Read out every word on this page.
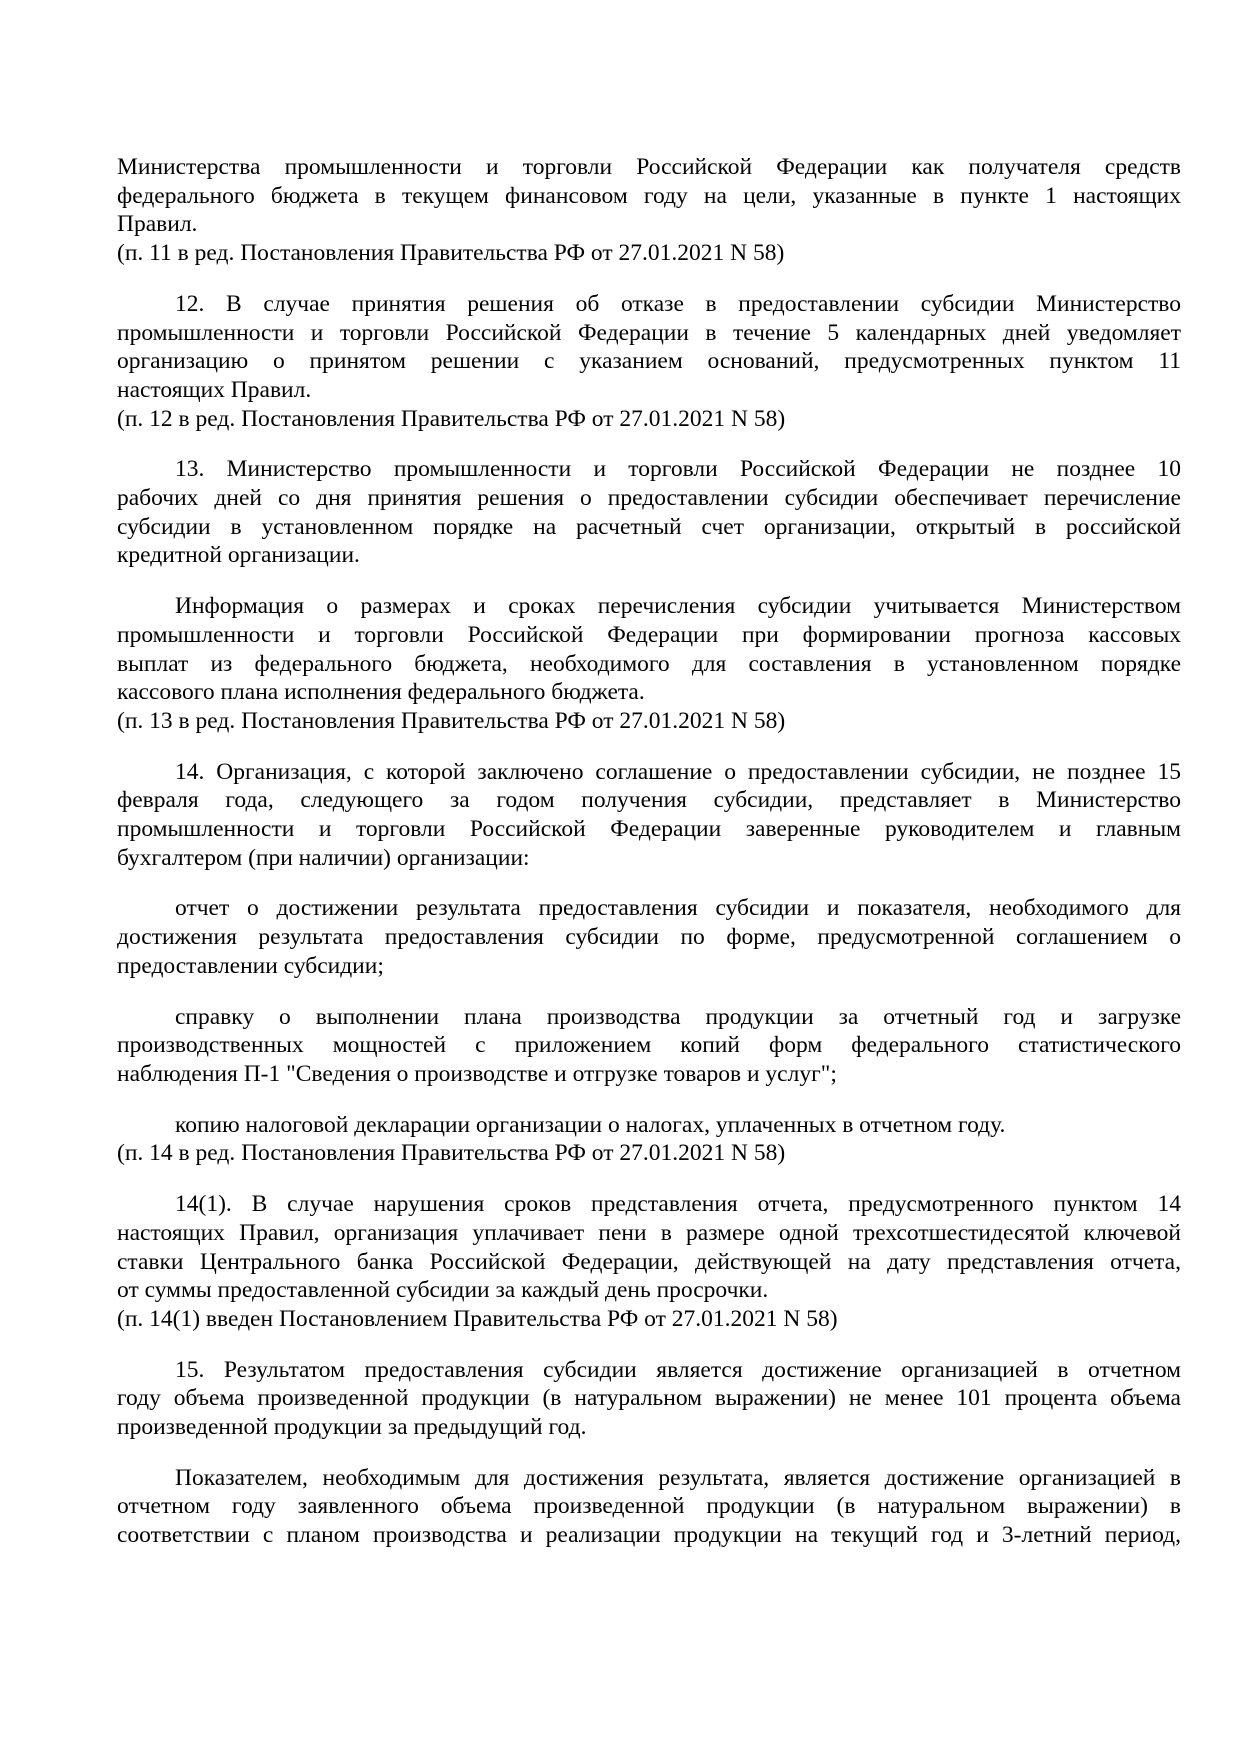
Министерства промышленности и торговли Российской Федерации как получателя средств
федерального бюджета в текущем финансовом году на цели, указанные в пункте 1 настоящих
Правил.
(п. 11 в ред. Постановления Правительства РФ от 27.01.2021 N 58)
12. В случае принятия решения об отказе в предоставлении субсидии Министерство
промышленности и торговли Российской Федерации в течение 5 календарных дней уведомляет
организацию о принятом решении с указанием оснований, предусмотренных пунктом 11
настоящих Правил.
(п. 12 в ред. Постановления Правительства РФ от 27.01.2021 N 58)
13. Министерство промышленности и торговли Российской Федерации не позднее 10
рабочих дней со дня принятия решения о предоставлении субсидии обеспечивает перечисление
субсидии в установленном порядке на расчетный счет организации, открытый в российской
кредитной организации.
Информация о размерах и сроках перечисления субсидии учитывается Министерством
промышленности и торговли Российской Федерации при формировании прогноза кассовых
выплат из федерального бюджета, необходимого для составления в установленном порядке
кассового плана исполнения федерального бюджета.
(п. 13 в ред. Постановления Правительства РФ от 27.01.2021 N 58)
14. Организация, с которой заключено соглашение о предоставлении субсидии, не позднее 15
февраля года, следующего за годом получения субсидии, представляет в Министерство
промышленности и торговли Российской Федерации заверенные руководителем и главным
бухгалтером (при наличии) организации:
отчет о достижении результата предоставления субсидии и показателя, необходимого для
достижения результата предоставления субсидии по форме, предусмотренной соглашением о
предоставлении субсидии;
справку о выполнении плана производства продукции за отчетный год и загрузке
производственных мощностей с приложением копий форм федерального статистического
наблюдения П-1 "Сведения о производстве и отгрузке товаров и услуг";
копию налоговой декларации организации о налогах, уплаченных в отчетном году.
(п. 14 в ред. Постановления Правительства РФ от 27.01.2021 N 58)
14(1). В случае нарушения сроков представления отчета, предусмотренного пунктом 14
настоящих Правил, организация уплачивает пени в размере одной трехсотшестидесятой ключевой
ставки Центрального банка Российской Федерации, действующей на дату представления отчета,
от суммы предоставленной субсидии за каждый день просрочки.
(п. 14(1) введен Постановлением Правительства РФ от 27.01.2021 N 58)
15. Результатом предоставления субсидии является достижение организацией в отчетном
году объема произведенной продукции (в натуральном выражении) не менее 101 процента объема
произведенной продукции за предыдущий год.
Показателем, необходимым для достижения результата, является достижение организацией в
отчетном году заявленного объема произведенной продукции (в натуральном выражении) в
соответствии с планом производства и реализации продукции на текущий год и 3-летний период,
